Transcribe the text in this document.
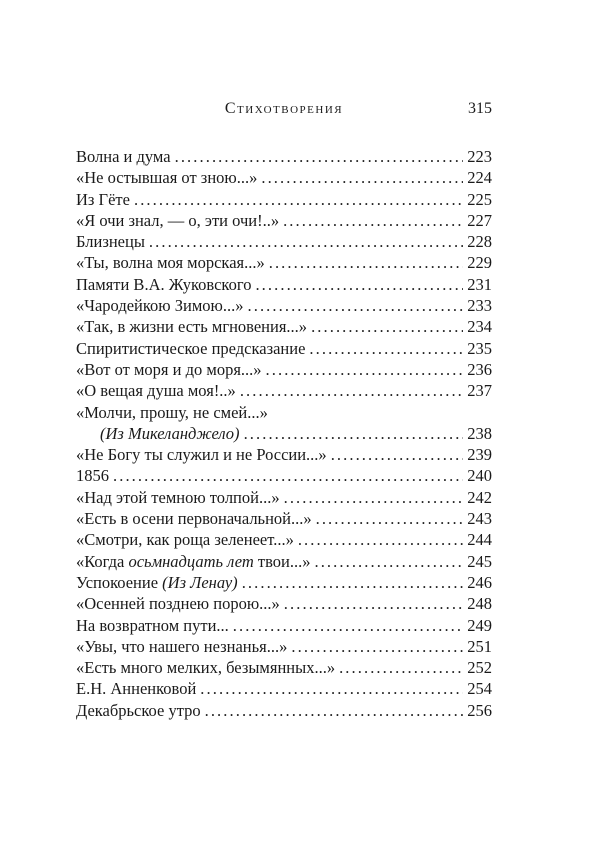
Стихотворения	315
Волна и дума .....	223
«Не остывшая от зною...» .....	224
Из Гёте .....	225
«Я очи знал, — о, эти очи!..» .....	227
Близнецы .....	228
«Ты, волна моя морская...» .....	229
Памяти В.А. Жуковского .....	231
«Чародейкою Зимою...» .....	233
«Так, в жизни есть мгновения...» .....	234
Спиритистическое предсказание .....	235
«Вот от моря и до моря...» .....	236
«О вещая душа моя!..» .....	237
«Молчи, прошу, не смей...»
(Из Микеланджело) .....	238
«Не Богу ты служил и не России...» .....	239
1856 .....	240
«Над этой темною толпой...» .....	242
«Есть в осени первоначальной...» .....	243
«Смотри, как роща зеленеет...» .....	244
«Когда осьмнадцать лет твои...» .....	245
Успокоение (Из Ленау) .....	246
«Осенней позднею порою...» .....	248
На возвратном пути... .....	249
«Увы, что нашего незнанья...» .....	251
«Есть много мелких, безымянных...» .....	252
Е.Н. Анненковой .....	254
Декабрьское утро .....	256
